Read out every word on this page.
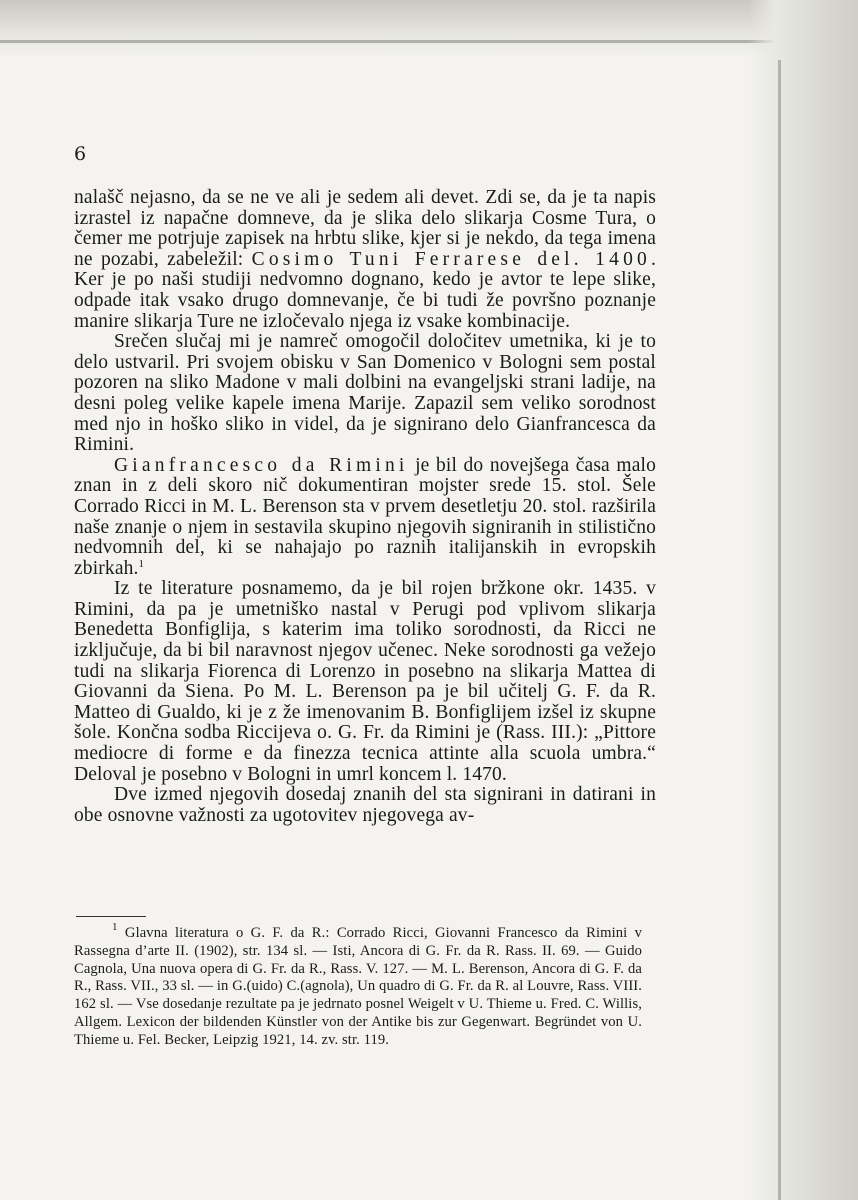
6

nalašč nejasno, da se ne ve ali je sedem ali devet. Zdi se, da je ta napis izrastel iz napačne domneve, da je slika delo slikarja Cosme Tura, o čemer me potrjuje zapisek na hrbtu slike, kjer si je nekdo, da tega imena ne pozabi, zabeležil: Cosimo Tuni Ferrarese del. 1400. Ker je po naši studiji nedvomno dognano, kedo je avtor te lepe slike, odpade itak vsako drugo domnevanje, če bi tudi že površno poznanje manire slikarja Ture ne izločevalo njega iz vsake kombinacije.

Srečen slučaj mi je namreč omogočil določitev umetnika, ki je to delo ustvaril. Pri svojem obisku v San Domenico v Bologni sem postal pozoren na sliko Madone v mali dolbini na evangeljski strani ladije, na desni poleg velike kapele imena Marije. Zapazil sem veliko sorodnost med njo in hoško sliko in videl, da je signirano delo Gianfrancesca da Rimini.

Gianfrancesco da Rimini je bil do novejšega časa malo znan in z deli skoro nič dokumentiran mojster srede 15. stol. Šele Corrado Ricci in M. L. Berenson sta v prvem desetletju 20. stol. razširila naše znanje o njem in sestavila skupino njegovih signiranih in stilistično nedvomnih del, ki se nahajajo po raznih italijanskih in evropskih zbirkah.$^1$

Iz te literature posnamemo, da je bil rojen bržkone okr. 1435. v Rimini, da pa je umetniško nastal v Perugi pod vplivom slikarja Benedetta Bonfiglija, s katerim ima toliko sorodnosti, da Ricci ne izključuje, da bi bil naravnost njegov učenec. Neke sorodnosti ga vežejo tudi na slikarja Fiorenca di Lorenzo in posebno na slikarja Mattea di Giovanni da Siena. Po M. L. Berenson pa je bil učitelj G. F. da R. Matteo di Gualdo, ki je z že imenovanim B. Bonfiglijem izšel iz skupne šole. Končna sodba Riccijeva o. G. Fr. da Rimini je (Rass. III.): „Pittore mediocre di forme e da finezza tecnica attinte alla scuola umbra.“ Deloval je posebno v Bologni in umrl koncem l. 1470.

Dve izmed njegovih dosedaj znanih del sta signirani in datirani in obe osnovne važnosti za ugotovitev njegovega av-

$^1$ Glavna literatura o G. F. da R.: Corrado Ricci, Giovanni Francesco da Rimini v Rassegna d’arte II. (1902), str. 134 sl. — Isti, Ancora di G. Fr. da R. Rass. II. 69. — Guido Cagnola, Una nuova opera di G. Fr. da R., Rass. V. 127. — M. L. Berenson, Ancora di G. F. da R., Rass. VII., 33 sl. — in G.(uido) C.(agnola), Un quadro di G. Fr. da R. al Louvre, Rass. VIII. 162 sl. — Vse dosedanje rezultate pa je jedrnato posnel Weigelt v U. Thieme u. Fred. C. Willis, Allgem. Lexicon der bildenden Künstler von der Antike bis zur Gegenwart. Begründet von U. Thieme u. Fel. Becker, Leipzig 1921, 14. zv. str. 119.
